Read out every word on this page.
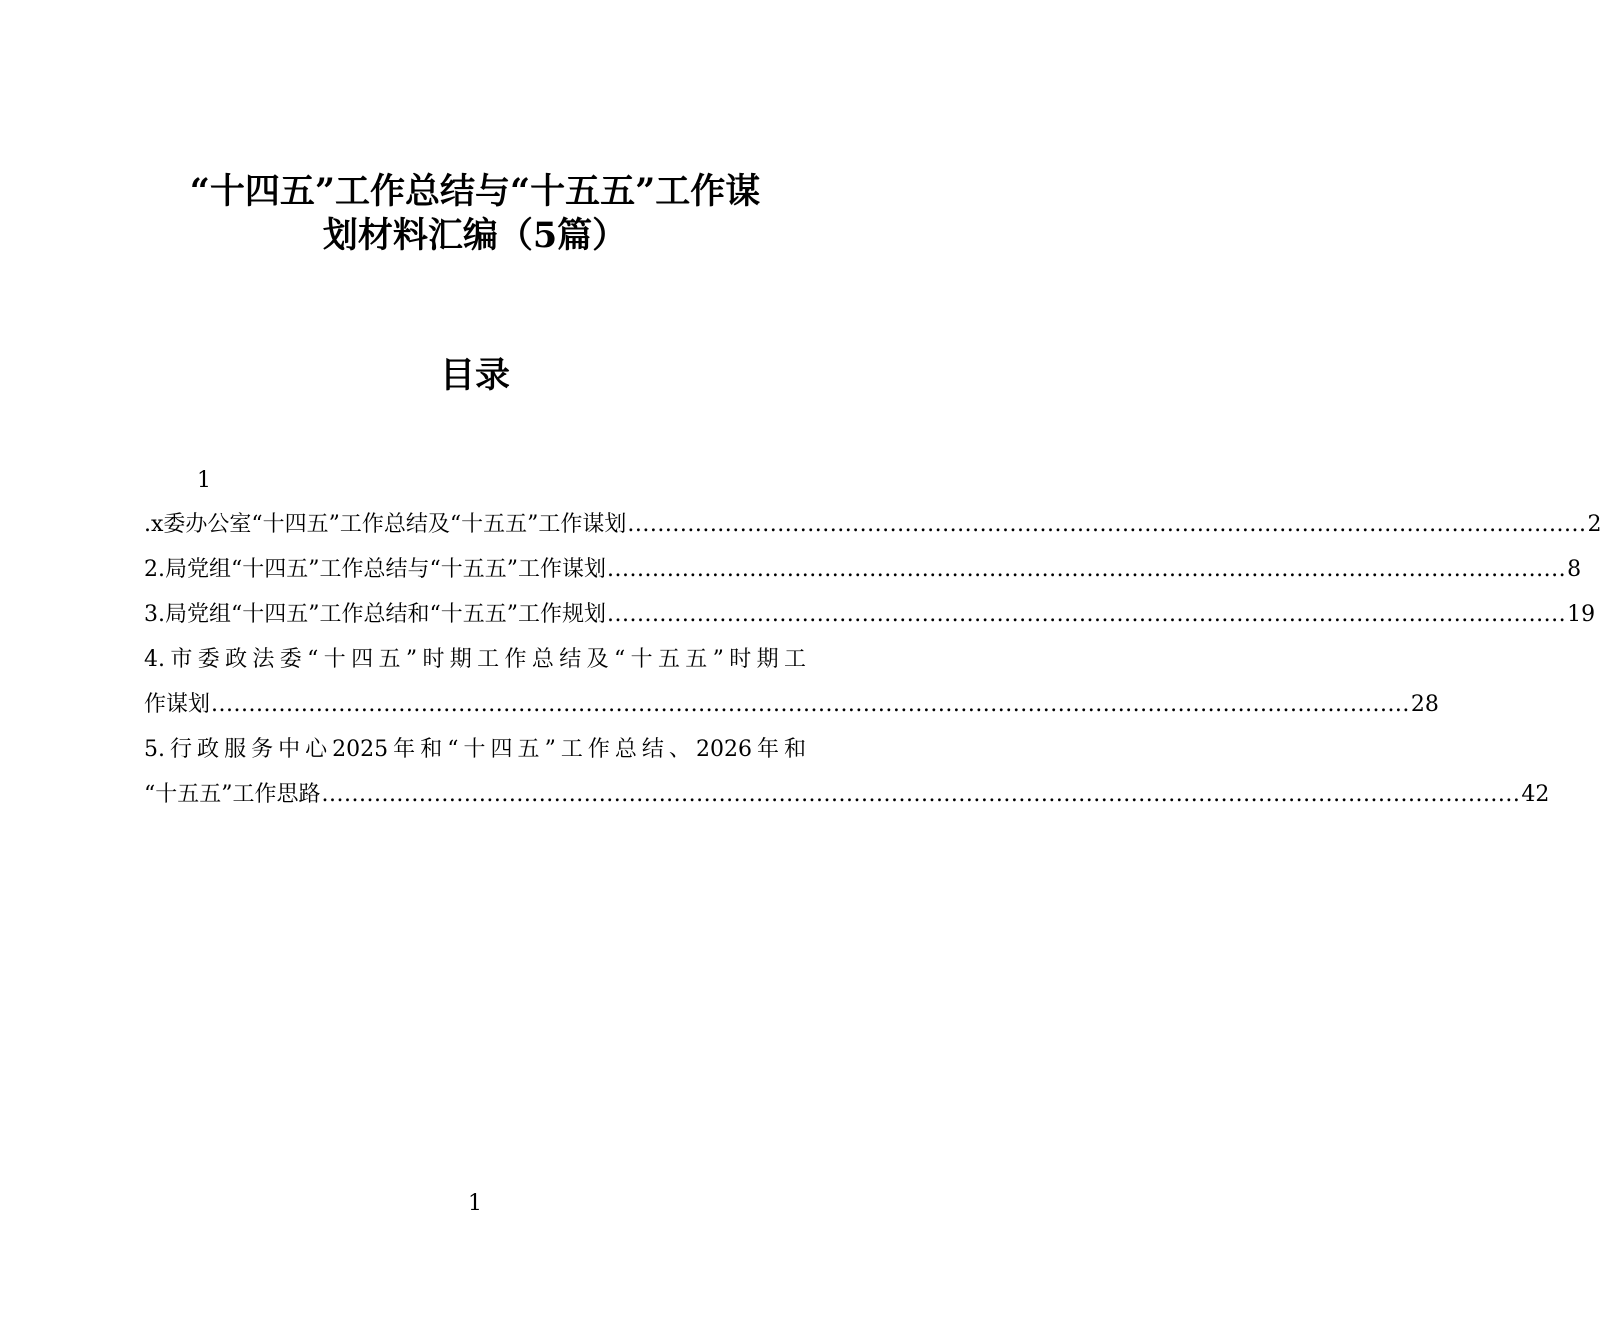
“十四五”工作总结与“十五五”工作谋
划材料汇编（5篇）
目录
1
.x委办公室“十四五”工作总结及“十五五”工作谋划 ................................................................................................................................ 2
2.局党组“十四五”工作总结与“十五五”工作谋划 ................................................................................................................................ 8
3.局党组“十四五”工作总结和“十五五”工作规划 ................................................................................................................................ 19
4.市委政法委“十四五”时期工作总结及“十五五”时期工
作谋划 ................................................................................................................................................................ 28
5.行政服务中心2025年和“十四五”工作总结、2026年和
“十五五”工作思路 ................................................................................................................................................................ 42
1
